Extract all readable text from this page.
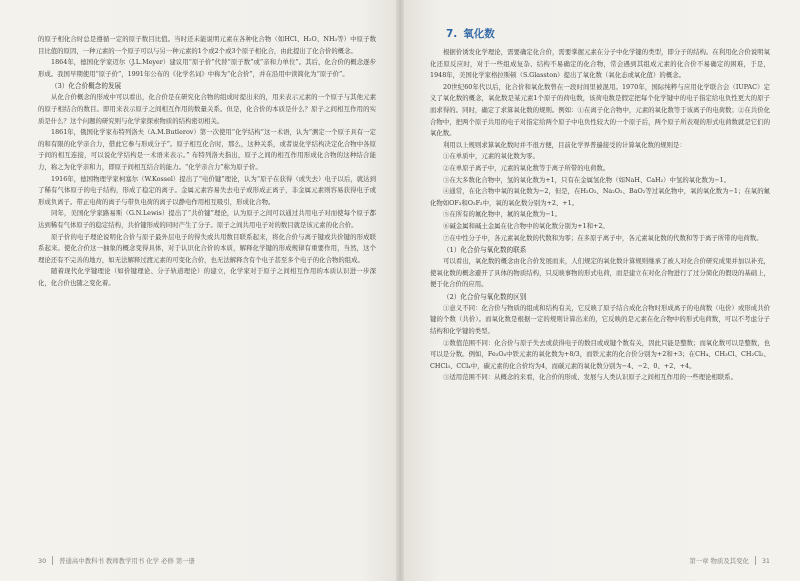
的原子相化合时总是遵循一定的原子数目比值。当时还未能说明元素在各种化合物（如HCl、H₂O、NH₃等）中原子数目比值的原因，一种元素的一个原子可以与另一种元素的1个或2个或3个原子相化合，由此提出了化合价的概念。

1864年，德国化学家迈尔（J.L.Meyer）建议用“原子价”代替“原子数”或“亲和力单位”。其后，化合价的概念逐步形成。我国早期使用“原子价”，1991年公布的《化学名词》中称为“化合价”，并在沿用中读简化为“原子价”。

（3）化合价概念的发展

从化合价概念的形成中可以看出，化合价是在研究化合物的组成时提出来的，用来表示元素的一个原子与其他元素的原子相结合的数目。即用来表示原子之间相互作用的数量关系。但是，化合价的本质是什么？原子之间相互作用的实质是什么？这个问题的研究则与化学家探索物质的结构密切相关。

1861年，俄国化学家布特列洛夫（A.M.Butlerov）第一次使用“化学结构”这一术语，认为“测定一个原子具有一定的和有限的化学亲合力，借此它参与形成分子”。原子相互化合时，那么，这种关系，或者说化学结构决定化合物中各原子间的相互连接，可以说化学结构是一术语来表示。” 布特列洛夫指出，原子之间的相互作用形成化合物的这种结合能力，称之为化学亲和力，即原子间相互结合的能力。“化学亲合力”称为原子价。

1916年，德国物理学家柯塞尔（W.Kossel）提出了“电价键”理论，认为“原子在获得（或失去）电子以后，就达到了稀有气体原子的电子结构，形成了稳定的离子。金属元素容易失去电子或形成正离子，非金属元素则容易获得电子或形成负离子。带正电荷的离子与带负电荷的离子以静电作用相互吸引，形成化合物。

同年，美国化学家路易斯（G.N.Lewis）提出了“共价键”理论，认为原子之间可以通过共用电子对而使每个原子都达到稀有气体原子的稳定结构，共价键形成的同时产生了分子。原子之间共用电子对的数目就是该元素的化合价。

原子价的电子理论说明化合价与原子最外层电子的得失或共用数目联系起来，将化合价与离子键或共价键的形成联系起来。使化合价这一抽象的概念变得具体，对于认识化合价的本质，解释化学键的形成规律有重要作用，当然，这个理论还有不完善的地方，如无法解释过渡元素的可变化合价，也无法解释含有个电子甚至多个电子的化合物的组成。

随着现代化学键理论（如价键理论、分子轨道理论）的建立，化学家对于原子之间相互作用的本质认识进一步深化，化合价也随之变化着。

30 普通高中教科书 教师教学用书 化学 必修 第一册
7. 氧化数

根据价诱发化学理论，需要确定化合价，需要掌握元素在分子中化学键的类型，即分子的结构。在利用化合价说明氧化还原反应时，对于一些组成复杂、结构不易确定的化合物，常会遇到其组成元素的化合价不易确定的困难，于是，1948年，美国化学家格拉斯顿（S.Glasston）提出了氧化数（氧化态或氧化值）的概念。

20世纪60年代以后，化合价和氧化数曾在一段时间里被混用。1970年，国际纯粹与应用化学联合会（IUPAC）定义了氧化数的概念，氧化数是某元素1个原子的荷电数，该荷电数是假定把每个化学键中的电子指定给电负性更大的原子而求得的。同时，确定了求算氧化数的规则。例如：①在离子化合物中，元素的氧化数等于该离子的电荷数；②在共价化合物中，把两个原子共用的电子对指定给两个原子中电负性较大的一个原子后，两个原子所表观的形式电荷数就是它们的氧化数。

利用以上规则求算氧化数时并不很方便，目前化学界普遍接受的计算氧化数的规则是：

①在单质中，元素的氧化数为零。

②在单原子离子中，元素的氧化数等于离子所带的电荷数。

③在大多数化合物中，氢的氧化数为+1，只有在金属氢化物（如NaH、CaH₂）中氢的氧化数为−1。

④通常，在化合物中氧的氧化数为−2，但是，在H₂O₂、Na₂O₂、BaO₂等过氧化物中，氧的氧化数为−1；在氧的氟化物如OF₂和O₂F₂中，氧的氧化数分别为+2、+1。

⑤在所有的氟化物中，氟的氧化数为−1。

⑥碱金属和碱土金属在化合物中的氧化数分别为+1和+2。

⑦在中性分子中，各元素氧化数的代数和为零；在多原子离子中，各元素氧化数的代数和等于离子所带的电荷数。

（1）化合价与氧化数的联系

可以看出，氧化数的概念由化合价发展而来，人们规定的氧化数计算规则继承了被人对化合价研究成果并加以补充，使氧化数的概念避开了具体的物质结构，只反映事物的形式电荷，而是建立在对化合物进行了过分简化的假设的基础上，便于化合价的应用。

（2）化合价与氧化数的区别

①意义不同：化合价与物质的组成和结构有关，它反映了原子结合成化合物时形成离子的电荷数（电价）或形成共价键的个数（共价）。而氧化数是根据一定的规则计算出来的，它反映的是元素在化合物中的形式电荷数，可以不考虑分子结构和化学键的类型。

②数值范围不同：化合价与原子失去或获得电子的数目或成键个数有关，因此只能是整数；而氧化数可以是整数，也可以是分数。例如，Fe₃O₄中铁元素的氧化数为+8/3，而铁元素的化合价分别为+2和+3；在CH₄、CH₃Cl、CH₂Cl₂、CHCl₃、CCl₄中，碳元素的化合价均为4，而碳元素的氧化数分别为−4、−2、0、+2、+4。

③适用范围不同：从概念的来看，化合价的形成、发展与人类认识原子之间相互作用的一些理论相联系。

第一章 物质及其变化 31
